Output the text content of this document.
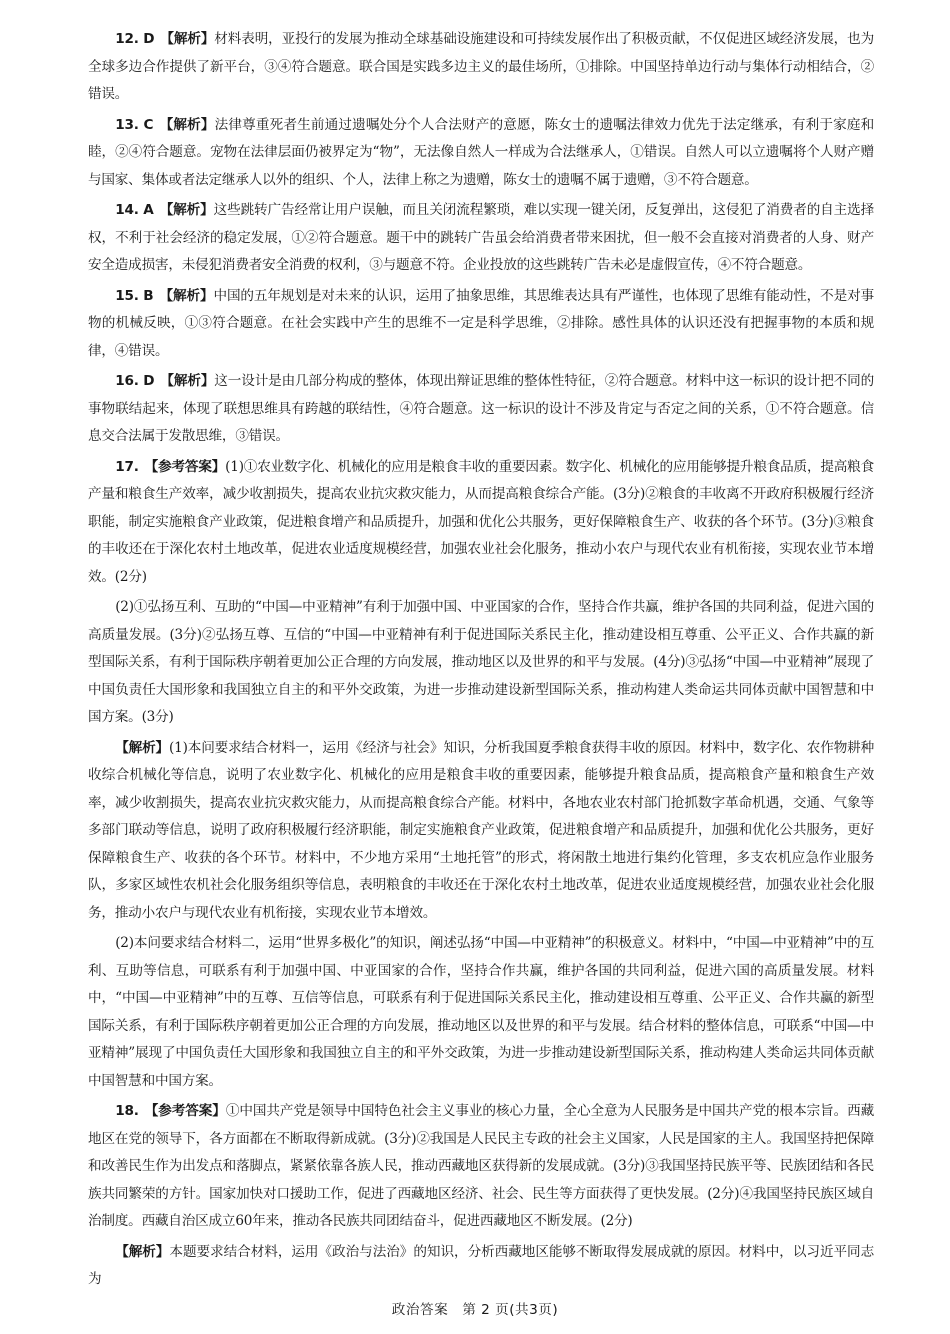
12. D 【解析】材料表明，亚投行的发展为推动全球基础设施建设和可持续发展作出了积极贡献，不仅促进区域经济发展，也为全球多边合作提供了新平台，③④符合题意。联合国是实践多边主义的最佳场所，①排除。中国坚持单边行动与集体行动相结合，②错误。

13. C 【解析】法律尊重死者生前通过遗嘱处分个人合法财产的意愿，陈女士的遗嘱法律效力优先于法定继承，有利于家庭和睦，②④符合题意。宠物在法律层面仍被界定为“物”，无法像自然人一样成为合法继承人，①错误。自然人可以立遗嘱将个人财产赠与国家、集体或者法定继承人以外的组织、个人，法律上称之为遗赠，陈女士的遗嘱不属于遗赠，③不符合题意。

14. A 【解析】这些跳转广告经常让用户误触，而且关闭流程繁琐，难以实现一键关闭，反复弹出，这侵犯了消费者的自主选择权，不利于社会经济的稳定发展，①②符合题意。题干中的跳转广告虽会给消费者带来困扰，但一般不会直接对消费者的人身、财产安全造成损害，未侵犯消费者安全消费的权利，③与题意不符。企业投放的这些跳转广告未必是虚假宣传，④不符合题意。

15. B 【解析】中国的五年规划是对未来的认识，运用了抽象思维，其思维表达具有严谨性，也体现了思维有能动性，不是对事物的机械反映，①③符合题意。在社会实践中产生的思维不一定是科学思维，②排除。感性具体的认识还没有把握事物的本质和规律，④错误。

16. D 【解析】这一设计是由几部分构成的整体，体现出辩证思维的整体性特征，②符合题意。材料中这一标识的设计把不同的事物联结起来，体现了联想思维具有跨越的联结性，④符合题意。这一标识的设计不涉及肯定与否定之间的关系，①不符合题意。信息交合法属于发散思维，③错误。

17. 【参考答案】(1)①农业数字化、机械化的应用是粮食丰收的重要因素。数字化、机械化的应用能够提升粮食品质，提高粮食产量和粮食生产效率，减少收割损失，提高农业抗灾救灾能力，从而提高粮食综合产能。(3分)②粮食的丰收离不开政府积极履行经济职能，制定实施粮食产业政策，促进粮食增产和品质提升，加强和优化公共服务，更好保障粮食生产、收获的各个环节。(3分)③粮食的丰收还在于深化农村土地改革，促进农业适度规模经营，加强农业社会化服务，推动小农户与现代农业有机衔接，实现农业节本增效。(2分)

(2)①弘扬互利、互助的“中国—中亚精神”有利于加强中国、中亚国家的合作，坚持合作共赢，维护各国的共同利益，促进六国的高质量发展。(3分)②弘扬互尊、互信的“中国—中亚精神有利于促进国际关系民主化，推动建设相互尊重、公平正义、合作共赢的新型国际关系，有利于国际秩序朝着更加公正合理的方向发展，推动地区以及世界的和平与发展。(4分)③弘扬“中国—中亚精神”展现了中国负责任大国形象和我国独立自主的和平外交政策，为进一步推动建设新型国际关系，推动构建人类命运共同体贡献中国智慧和中国方案。(3分)

【解析】(1)本问要求结合材料一，运用《经济与社会》知识，分析我国夏季粮食获得丰收的原因。材料中，数字化、农作物耕种收综合机械化等信息，说明了农业数字化、机械化的应用是粮食丰收的重要因素，能够提升粮食品质，提高粮食产量和粮食生产效率，减少收割损失，提高农业抗灾救灾能力，从而提高粮食综合产能。材料中，各地农业农村部门抢抓数字革命机遇，交通、气象等多部门联动等信息，说明了政府积极履行经济职能，制定实施粮食产业政策，促进粮食增产和品质提升，加强和优化公共服务，更好保障粮食生产、收获的各个环节。材料中，不少地方采用“土地托管”的形式，将闲散土地进行集约化管理，多支农机应急作业服务队，多家区域性农机社会化服务组织等信息，表明粮食的丰收还在于深化农村土地改革，促进农业适度规模经营，加强农业社会化服务，推动小农户与现代农业有机衔接，实现农业节本增效。

(2)本问要求结合材料二，运用“世界多极化”的知识，阐述弘扬“中国—中亚精神”的积极意义。材料中，“中国—中亚精神”中的互利、互助等信息，可联系有利于加强中国、中亚国家的合作，坚持合作共赢，维护各国的共同利益，促进六国的高质量发展。材料中，“中国—中亚精神”中的互尊、互信等信息，可联系有利于促进国际关系民主化，推动建设相互尊重、公平正义、合作共赢的新型国际关系，有利于国际秩序朝着更加公正合理的方向发展，推动地区以及世界的和平与发展。结合材料的整体信息，可联系“中国—中亚精神”展现了中国负责任大国形象和我国独立自主的和平外交政策，为进一步推动建设新型国际关系，推动构建人类命运共同体贡献中国智慧和中国方案。

18. 【参考答案】①中国共产党是领导中国特色社会主义事业的核心力量，全心全意为人民服务是中国共产党的根本宗旨。西藏地区在党的领导下，各方面都在不断取得新成就。(3分)②我国是人民民主专政的社会主义国家，人民是国家的主人。我国坚持把保障和改善民生作为出发点和落脚点，紧紧依靠各族人民，推动西藏地区获得新的发展成就。(3分)③我国坚持民族平等、民族团结和各民族共同繁荣的方针。国家加快对口援助工作，促进了西藏地区经济、社会、民生等方面获得了更快发展。(2分)④我国坚持民族区域自治制度。西藏自治区成立60年来，推动各民族共同团结奋斗，促进西藏地区不断发展。(2分)

【解析】本题要求结合材料，运用《政治与法治》的知识，分析西藏地区能够不断取得发展成就的原因。材料中，以习近平同志为

政治答案　第 2 页(共3页)
